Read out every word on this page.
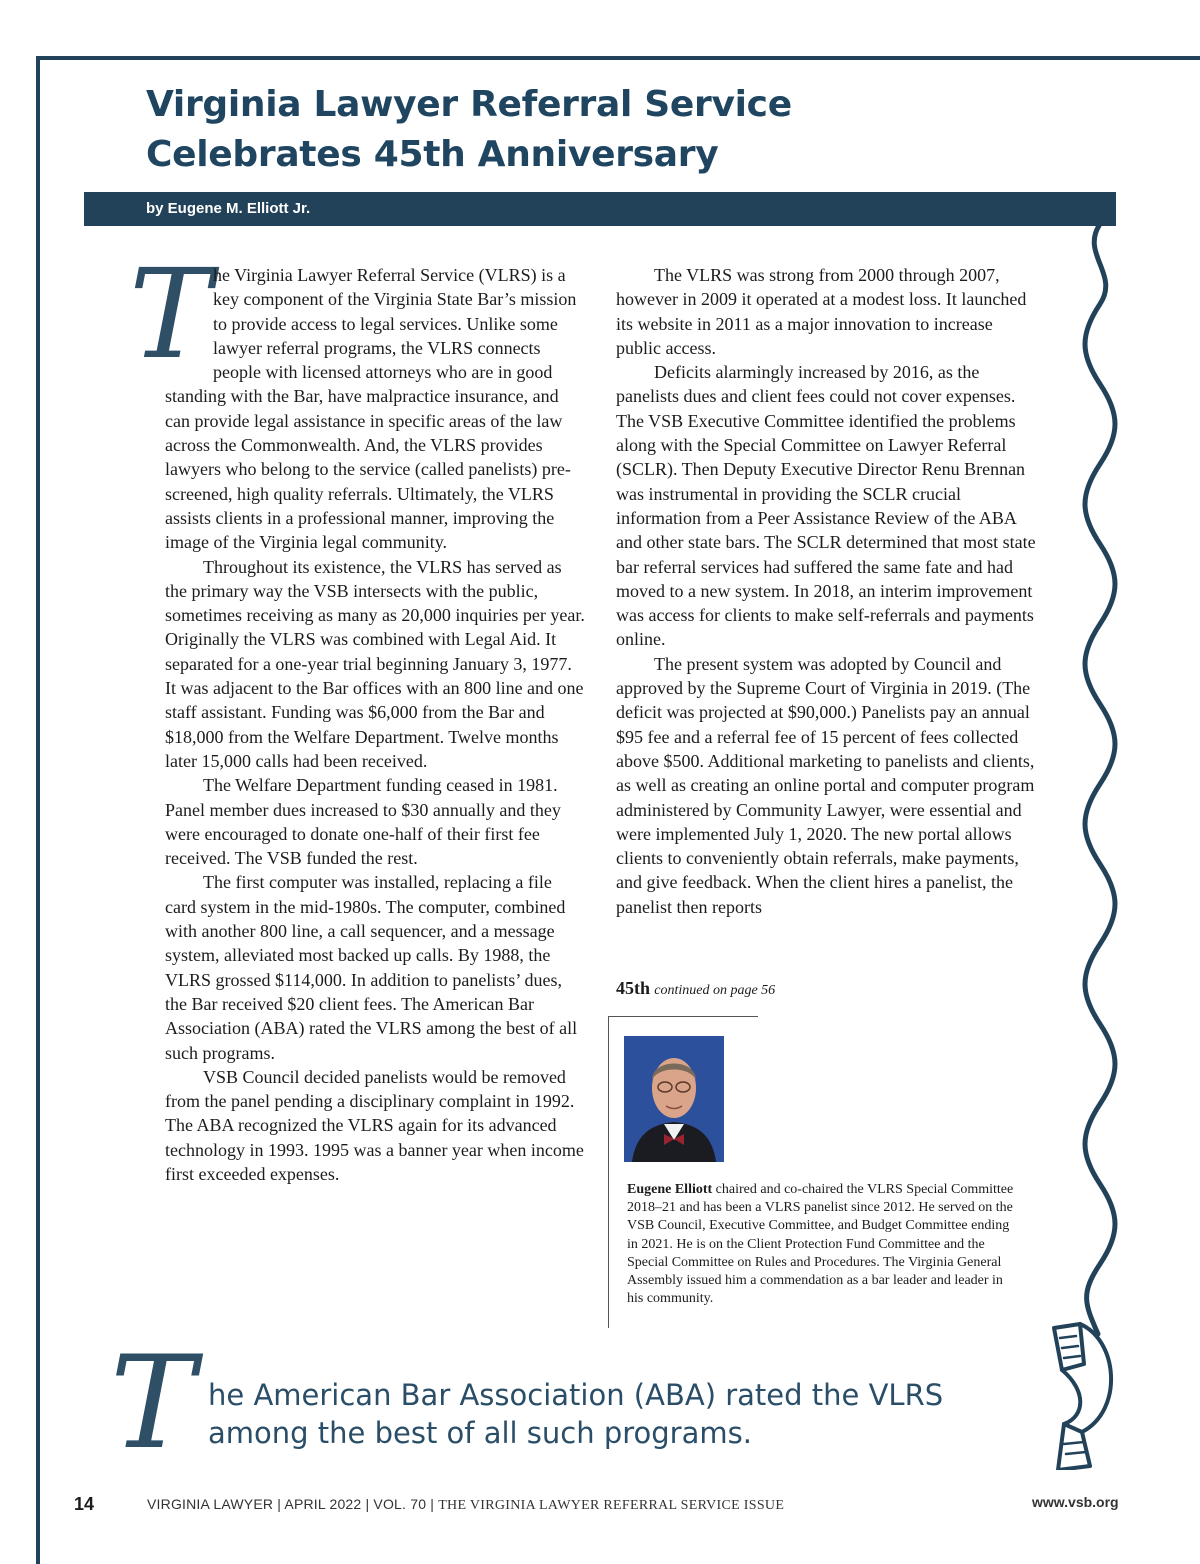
Virginia Lawyer Referral Service
Celebrates 45th Anniversary
by Eugene M. Elliott Jr.

The Virginia Lawyer Referral Service (VLRS) is a key component of the Virginia State Bar’s mission to provide access to legal services. Unlike some lawyer referral programs, the VLRS connects people with licensed attorneys who are in good standing with the Bar, have malpractice insurance, and can provide legal assistance in specific areas of the law across the Commonwealth. And, the VLRS provides lawyers who belong to the service (called panelists) pre-screened, high quality referrals. Ultimately, the VLRS assists clients in a professional manner, improving the image of the Virginia legal community.

Throughout its existence, the VLRS has served as the primary way the VSB intersects with the public, sometimes receiving as many as 20,000 inquiries per year. Originally the VLRS was combined with Legal Aid. It separated for a one-year trial beginning January 3, 1977. It was adjacent to the Bar offices with an 800 line and one staff assistant. Funding was $6,000 from the Bar and $18,000 from the Welfare Department. Twelve months later 15,000 calls had been received.

The Welfare Department funding ceased in 1981. Panel member dues increased to $30 annually and they were encouraged to donate one-half of their first fee received. The VSB funded the rest.

The first computer was installed, replacing a file card system in the mid-1980s. The computer, combined with another 800 line, a call sequencer, and a message system, alleviated most backed up calls. By 1988, the VLRS grossed $114,000. In addition to panelists’ dues, the Bar received $20 client fees. The American Bar Association (ABA) rated the VLRS among the best of all such programs.

VSB Council decided panelists would be removed from the panel pending a disciplinary complaint in 1992. The ABA recognized the VLRS again for its advanced technology in 1993. 1995 was a banner year when income first exceeded expenses.

The VLRS was strong from 2000 through 2007, however in 2009 it operated at a modest loss. It launched its website in 2011 as a major innovation to increase public access.

Deficits alarmingly increased by 2016, as the panelists dues and client fees could not cover expenses. The VSB Executive Committee identified the problems along with the Special Committee on Lawyer Referral (SCLR). Then Deputy Executive Director Renu Brennan was instrumental in providing the SCLR crucial information from a Peer Assistance Review of the ABA and other state bars. The SCLR determined that most state bar referral services had suffered the same fate and had moved to a new system. In 2018, an interim improvement was access for clients to make self-referrals and payments online.

The present system was adopted by Council and approved by the Supreme Court of Virginia in 2019. (The deficit was projected at $90,000.) Panelists pay an annual $95 fee and a referral fee of 15 percent of fees collected above $500. Additional marketing to panelists and clients, as well as creating an online portal and computer program administered by Community Lawyer, were essential and were implemented July 1, 2020. The new portal allows clients to conveniently obtain referrals, make payments, and give feedback. When the client hires a panelist, the panelist then reports

45th continued on page 56
Eugene Elliott chaired and co-chaired the VLRS Special Committee 2018–21 and has been a VLRS panelist since 2012. He served on the VSB Council, Executive Committee, and Budget Committee ending in 2021. He is on the Client Protection Fund Committee and the Special Committee on Rules and Procedures. The Virginia General Assembly issued him a commendation as a bar leader and leader in his community.
T he American Bar Association (ABA) rated the VLRS among the best of all such programs.

14	VIRGINIA LAWYER | APRIL 2022 | VOL. 70 | THE VIRGINIA LAWYER REFERRAL SERVICE ISSUE	www.vsb.org
